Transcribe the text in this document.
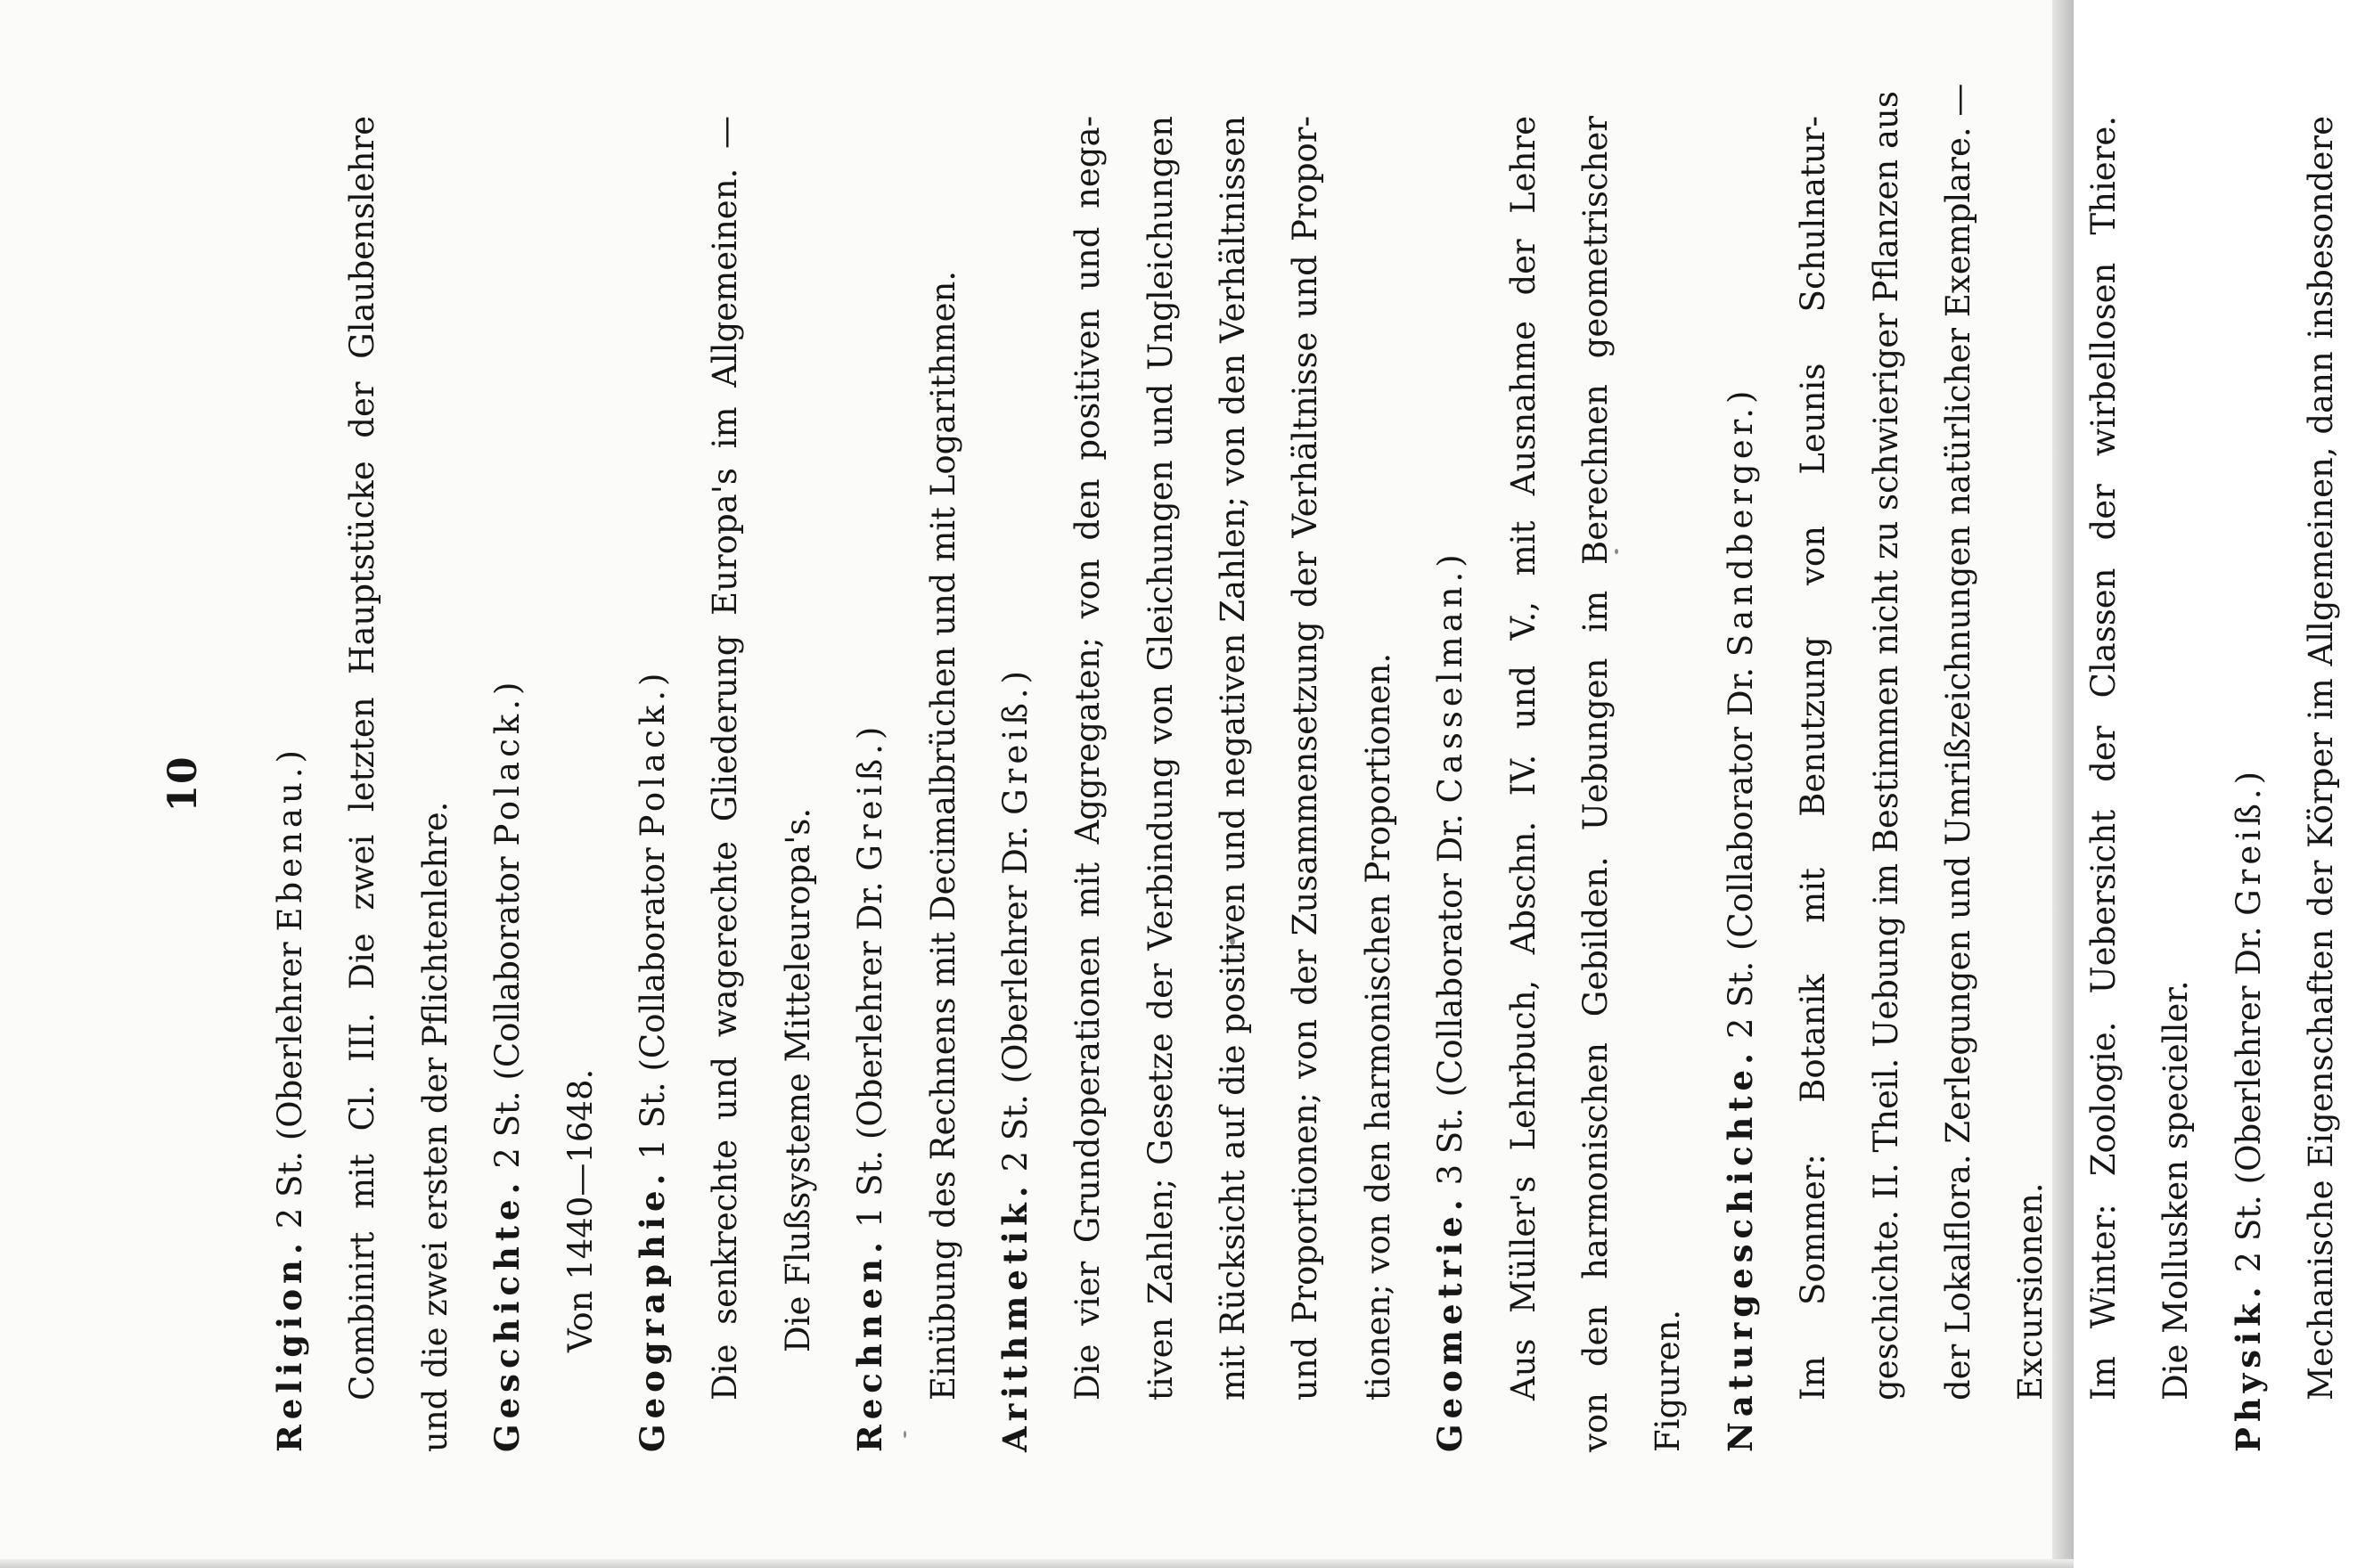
10
Religion.2 St. (Oberlehrer Ebenau.)	Combinirt mit Cl. III. Die zwei letzten Hauptstücke der Glaubenslehre	und die zwei ersten der Pflichtenlehre.	Geschichte.2 St. (Collaborator Polack.)
Von 1440—1648.	Geographie.1 St. (Collaborator Polack.)	Die senkrechte und wagerechte Gliederung Europa's im Allgemeinen. —	Die Flußsysteme Mitteleuropa's.	Rechnen.1 St. (Oberlehrer Dr. Greiß.)	Einübung des Rechnens mit Decimalbrüchen und mit Logarithmen.	Arithmetik.2 St. (Oberlehrer Dr. Greiß.)	Die vier Grundoperationen mit Aggregaten; von den positiven und nega-	tiven Zahlen; Gesetze der Verbindung von Gleichungen und Ungleichungen	mit Rücksicht auf die positiven und negativen Zahlen; von den Verhältnissen	und Proportionen; von der Zusammensetzung der Verhältnisse und Propor-	tionen; von den harmonischen Proportionen.	Geometrie.3 St. (Collaborator Dr. Casselman.)	Aus Müller's Lehrbuch, Abschn. IV. und V., mit Ausnahme der Lehre	von den harmonischen Gebilden. Uebungen im Berechnen geometrischer	Figuren.	Naturgeschichte.2 St. (Collaborator Dr. Sandberger.)	Im Sommer: Botanik mit Benutzung von Leunis Schulnatur-	geschichte. II. Theil. Uebung im Bestimmen nicht zu schwieriger Pflanzen aus	der Lokalflora. Zerlegungen und Umrißzeichnungen natürlicher Exemplare. —	Excursionen.	Im Winter: Zoologie. Uebersicht der Classen der wirbellosen Thiere.	Die Mollusken specieller.	Physik.2 St. (Oberlehrer Dr. Greiß.)	Mechanische Eigenschaften der Körper im Allgemeinen, dann insbesondere
